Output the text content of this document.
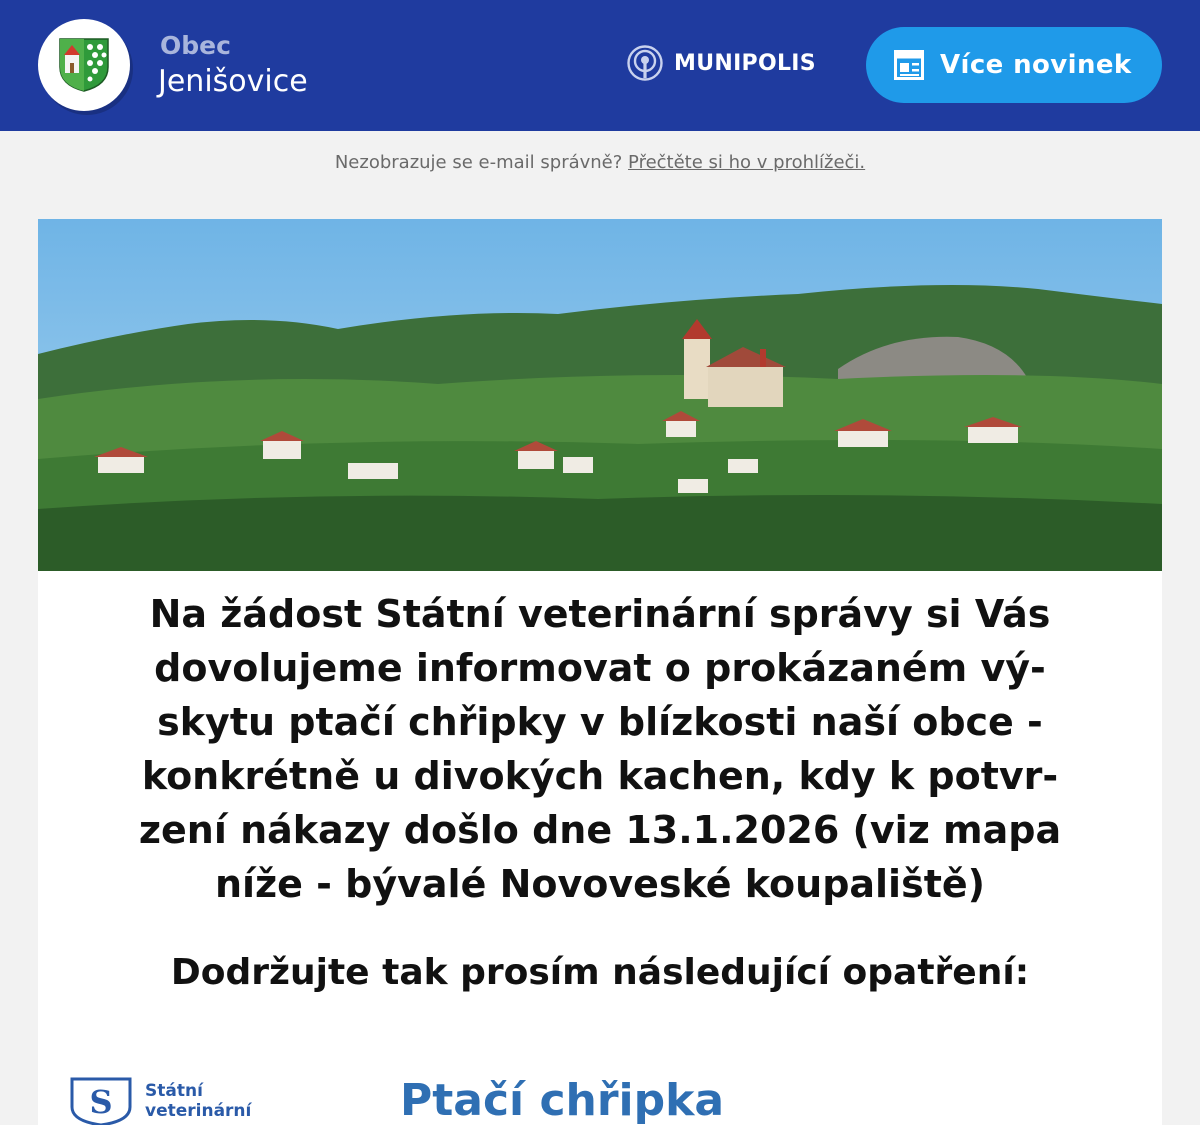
Obec
Jenišovice
MUNIPOLIS	Více novinek
Nezobrazuje se e-mail správně? Přečtěte si ho v prohlížeči.
Na žádost Státní veterinární správy si Vás
dovolujeme informovat o prokázaném vý-
skytu ptačí chřipky v blízkosti naší obce -
konkrétně u divokých kachen, kdy k potvr-
zení nákazy došlo dne 13.1.2026 (viz mapa
níže - bývalé Novoveské koupaliště)
Dodržujte tak prosím následující opatření:
S Státní
veterinární	Ptačí chřipka
